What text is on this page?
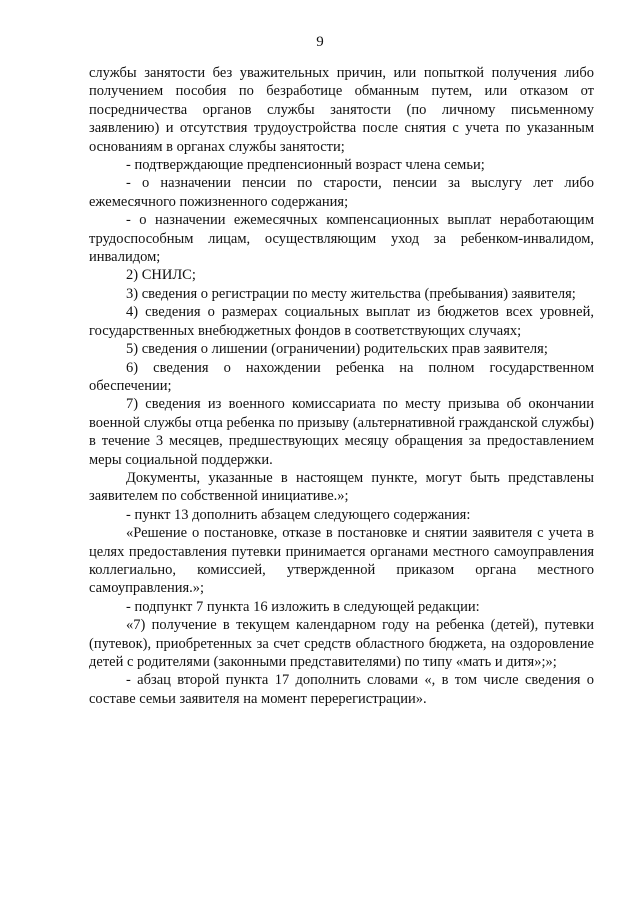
9

службы занятости без уважительных причин, или попыткой получения либо получением пособия по безработице обманным путем, или отказом от посредничества органов службы занятости (по личному письменному заявлению) и отсутствия трудоустройства после снятия с учета по указанным основаниям в органах службы занятости;

- подтверждающие предпенсионный возраст члена семьи;

- о назначении пенсии по старости, пенсии за выслугу лет либо ежемесячного пожизненного содержания;

- о назначении ежемесячных компенсационных выплат неработающим трудоспособным лицам, осуществляющим уход за ребенком-инвалидом, инвалидом;

2) СНИЛС;

3) сведения о регистрации по месту жительства (пребывания) заявителя;

4) сведения о размерах социальных выплат из бюджетов всех уровней, государственных внебюджетных фондов в соответствующих случаях;

5) сведения о лишении (ограничении) родительских прав заявителя;

6) сведения о нахождении ребенка на полном государственном обеспечении;

7) сведения из военного комиссариата по месту призыва об окончании военной службы отца ребенка по призыву (альтернативной гражданской службы) в течение 3 месяцев, предшествующих месяцу обращения за предоставлением меры социальной поддержки.

Документы, указанные в настоящем пункте, могут быть представлены заявителем по собственной инициативе.»;

- пункт 13 дополнить абзацем следующего содержания:

«Решение о постановке, отказе в постановке и снятии заявителя с учета в целях предоставления путевки принимается органами местного самоуправления коллегиально, комиссией, утвержденной приказом органа местного самоуправления.»;

- подпункт 7 пункта 16 изложить в следующей редакции:

«7) получение в текущем календарном году на ребенка (детей), путевки (путевок), приобретенных за счет средств областного бюджета, на оздоровление детей с родителями (законными представителями) по типу «мать и дитя»;»;

- абзац второй пункта 17 дополнить словами «, в том числе сведения о составе семьи заявителя на момент перерегистрации».
